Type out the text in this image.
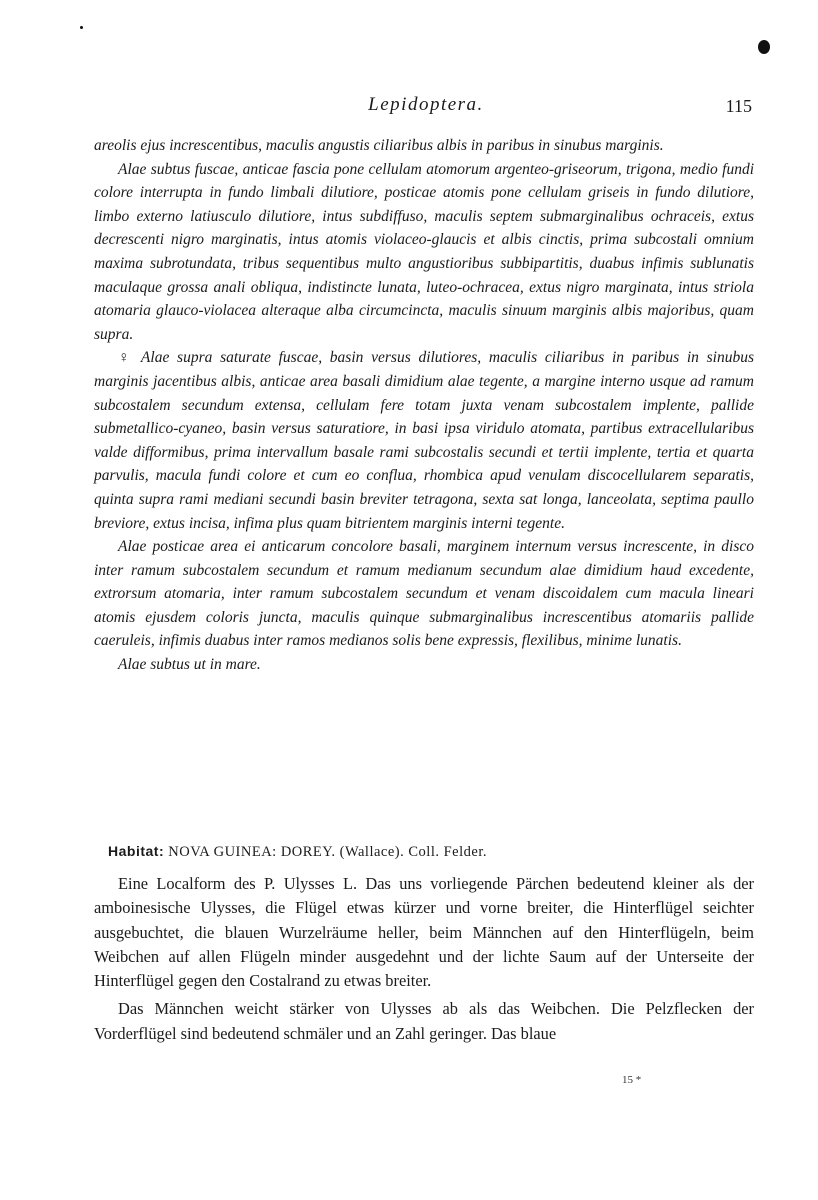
Lepidoptera.	115

areolis ejus increscentibus, maculis angustis ciliaribus albis in paribus in sinubus marginis.

Alae subtus fuscae, anticae fascia pone cellulam atomorum argenteo-griseorum, trigona, medio fundi colore interrupta in fundo limbali dilutiore, posticae atomis pone cellulam griseis in fundo dilutiore, limbo externo latiusculo dilutiore, intus subdiffuso, maculis septem submarginalibus ochraceis, extus decrescenti nigro marginatis, intus atomis violaceo-glaucis et albis cinctis, prima subcostali omnium maxima subrotundata, tribus sequentibus multo angustioribus subbipartitis, duabus infimis sublunatis maculaque grossa anali obliqua, indistincte lunata, luteo-ochracea, extus nigro marginata, intus striola atomaria glauco-violacea alteraque alba circumcincta, maculis sinuum marginis albis majoribus, quam supra.

♀ Alae supra saturate fuscae, basin versus dilutiores, maculis ciliaribus in paribus in sinubus marginis jacentibus albis, anticae area basali dimidium alae tegente, a margine interno usque ad ramum subcostalem secundum extensa, cellulam fere totam juxta venam subcostalem implente, pallide submetallico-cyaneo, basin versus saturatiore, in basi ipsa viridulo atomata, partibus extracellularibus valde difformibus, prima intervallum basale rami subcostalis secundi et tertii implente, tertia et quarta parvulis, macula fundi colore et cum eo conflua, rhombica apud venulam discocellularem separatis, quinta supra rami mediani secundi basin breviter tetragona, sexta sat longa, lanceolata, septima paullo breviore, extus incisa, infima plus quam bitrientem marginis interni tegente.

Alae posticae area ei anticarum concolore basali, marginem internum versus increscente, in disco inter ramum subcostalem secundum et ramum medianum secundum alae dimidium haud excedente, extrorsum atomaria, inter ramum subcostalem secundum et venam discoidalem cum macula lineari atomis ejusdem coloris juncta, maculis quinque submarginalibus increscentibus atomariis pallide caeruleis, infimis duabus inter ramos medianos solis bene expressis, flexilibus, minime lunatis.

Alae subtus ut in mare.

Habitat: NOVA GUINEA: DOREY. (Wallace). Coll. Felder.

Eine Localform des P. Ulysses L. Das uns vorliegende Pärchen bedeutend kleiner als der amboinesische Ulysses, die Flügel etwas kürzer und vorne breiter, die Hinterflügel seichter ausgebuchtet, die blauen Wurzelräume heller, beim Männchen auf den Hinterflügeln, beim Weibchen auf allen Flügeln minder ausgedehnt und der lichte Saum auf der Unterseite der Hinterflügel gegen den Costalrand zu etwas breiter.

Das Männchen weicht stärker von Ulysses ab als das Weibchen. Die Pelzflecken der Vorderflügel sind bedeutend schmäler und an Zahl geringer. Das blaue

15 *
